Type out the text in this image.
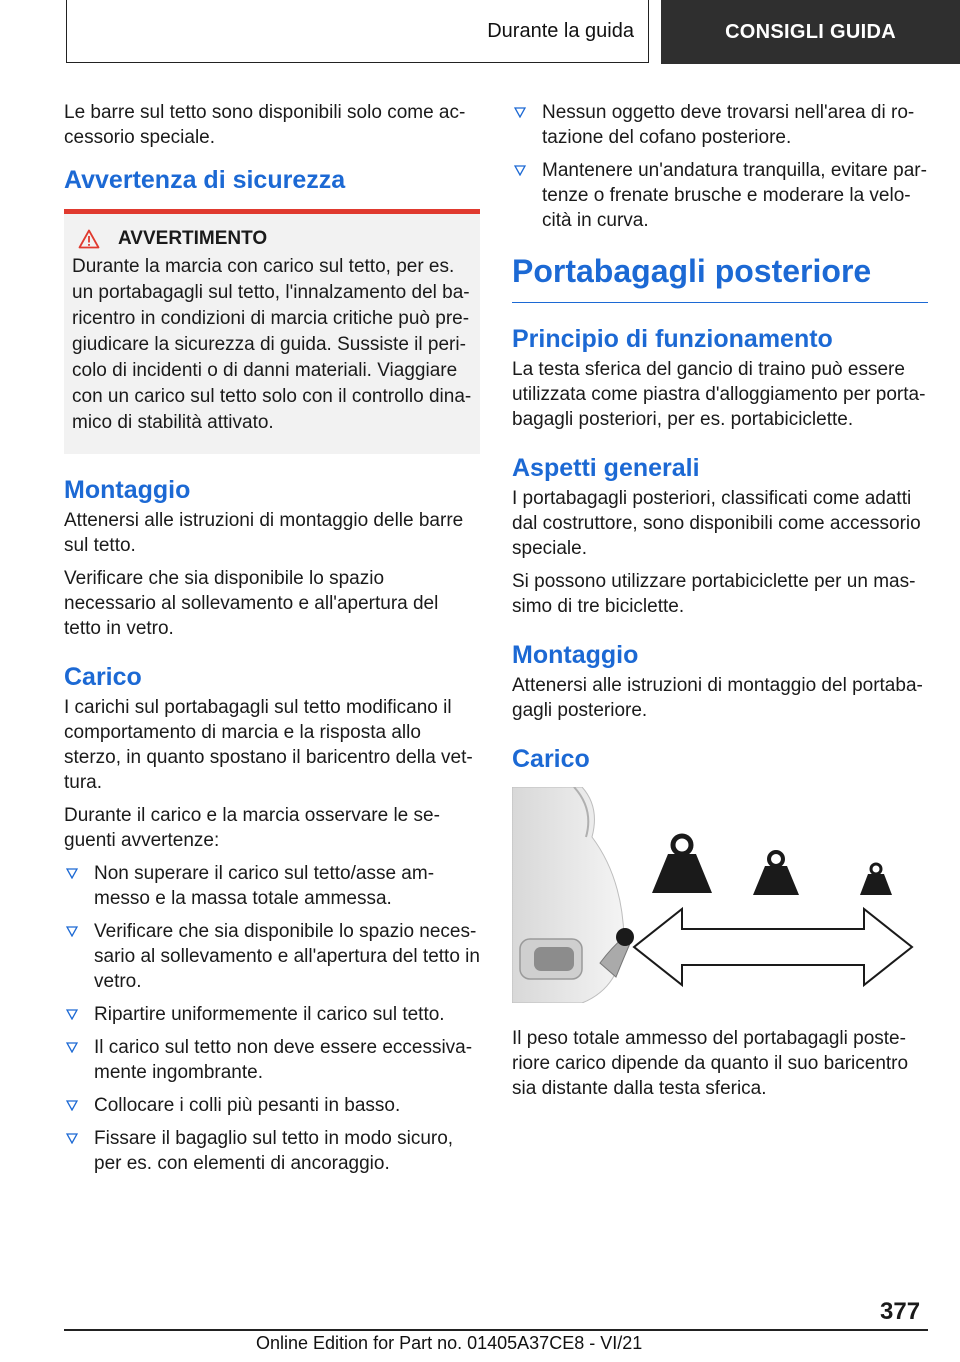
Durante la guida	CONSIGLI GUIDA

Le barre sul tetto sono disponibili solo come ac-cessorio speciale.

Avvertenza di sicurezza
AVVERTIMENTO
Durante la marcia con carico sul tetto, per es. un portabagagli sul tetto, l'innalzamento del ba-ricentro in condizioni di marcia critiche può pre-giudicare la sicurezza di guida. Sussiste il peri-colo di incidenti o di danni materiali. Viaggiare con un carico sul tetto solo con il controllo dina-mico di stabilità attivato.
Montaggio

Attenersi alle istruzioni di montaggio delle barre sul tetto.

Verificare che sia disponibile lo spazio necessario al sollevamento e all'apertura del tetto in vetro.

Carico

I carichi sul portabagagli sul tetto modificano il comportamento di marcia e la risposta allo sterzo, in quanto spostano il baricentro della vet-tura.

Durante il carico e la marcia osservare le se-guenti avvertenze:

Non superare il carico sul tetto/asse am-messo e la massa totale ammessa.
Verificare che sia disponibile lo spazio neces-sario al sollevamento e all'apertura del tetto in vetro.
Ripartire uniformemente il carico sul tetto.
Il carico sul tetto non deve essere eccessiva-mente ingombrante.
Collocare i colli più pesanti in basso.
Fissare il bagaglio sul tetto in modo sicuro, per es. con elementi di ancoraggio.
Nessun oggetto deve trovarsi nell'area di ro-tazione del cofano posteriore.
Mantenere un'andatura tranquilla, evitare par-tenze o frenate brusche e moderare la velo-cità in curva.
Portabagagli posteriore
Principio di funzionamento

La testa sferica del gancio di traino può essere utilizzata come piastra d'alloggiamento per porta-bagagli posteriori, per es. portabiciclette.

Aspetti generali

I portabagagli posteriori, classificati come adatti dal costruttore, sono disponibili come accessorio speciale.

Si possono utilizzare portabiciclette per un mas-simo di tre biciclette.

Montaggio

Attenersi alle istruzioni di montaggio del portaba-gagli posteriore.

Carico

Il peso totale ammesso del portabagagli poste-riore carico dipende da quanto il suo baricentro sia distante dalla testa sferica.

377
Online Edition for Part no. 01405A37CE8 - VI/21
